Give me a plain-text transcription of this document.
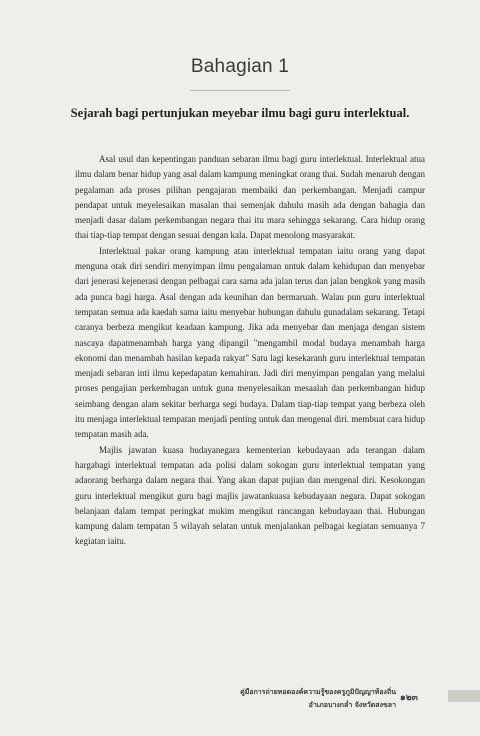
Bahagian 1
Sejarah bagi pertunjukan meyebar ilmu bagi guru interlektual.

Asal usul dan kepentingan panduan sebaran ilmu bagi guru interlektual. Interlektual atua ilmu dalam benar hidup yang asal dalam kampung meningkat orang thai. Sudah menaruh dengan pegalaman ada proses pilihan pengajaran membaiki dan perkembangan. Menjadi campur pendapat untuk meyelesaikan masalan thai semenjak dahulu masih ada dengan bahagia dan menjadi dasar dalam perkembangan negara thai itu mara sehingga sekarang. Cara hidup orang thai tiap-tiap tempat dengan sesuai dengan kala. Dapat menolong masyarakat.

Interlektual pakar orang kampung atau interlektual tempatan iaitu orang yang dapat menguna otak diri sendiri menyimpan ilmu pengalaman untuk dalam kehidupan dan menyebar dari jenerasi kejenerasi dengan pelbagai cara sama ada jalan terus dan jalan bengkok yang masih ada punca bagi harga. Asal dengan ada keunihan dan bermaruah. Walau pun guru interlektual tempatan semua ada kaedah sama iaitu menyebar hubungan dahulu gunadalam sekarang. Tetapi caranya berbeza mengikut keadaan kampung. Jika ada menyebar dan menjaga dengan sistem nascaya dapatmenambah harga yang dipangil "mengambil modal budaya menambah harga ekonomi dan menambah hasilan kepada rakyat" Satu lagi kesekaranh guru interlektual tempatan menjadi sebaran inti ilmu kepedapatan kemahiran. Jadi diri menyimpan pengalan yang melalui proses pengajian perkembagan untuk guna menyelesaikan mesaalah dan perkembangan hidup seimbang dengan alam sekitar berharga segi budaya. Dalam tiap-tiap tempat yang berbeza oleh itu menjaga interlektual tempatan menjadi penting untuk dan mengenal diri. membuat cara hidup tempatan masih ada.

Majlis jawatan kuasa budayanegara kementerian kebudayaan ada terangan dalam hargabagi interlektual tempatan ada polisi dalam sokogan guru interlektual tempatan yang adaorang berharga dalam negara thai. Yang akan dapat pujian dan mengenal diri. Kesokongan guru interlektual mengikut guru bagi majlis jawatankuasa kebudayaan negara. Dapat sokogan belanjaan dalam tempat peringkat mukim mengikut rancangan kebudayaan thai. Hubungan kampung dalam tempatan 5 wilayah selatan untuk menjalankan pelbagai kegiatan semuanya 7 kegiatan iaitu.

คู่มือการถ่ายทอดองค์ความรู้ของครูภูมิปัญญาท้องถิ่น
อำเภอบางกล่ำ จังหวัดสงขลา
๑๒๓
